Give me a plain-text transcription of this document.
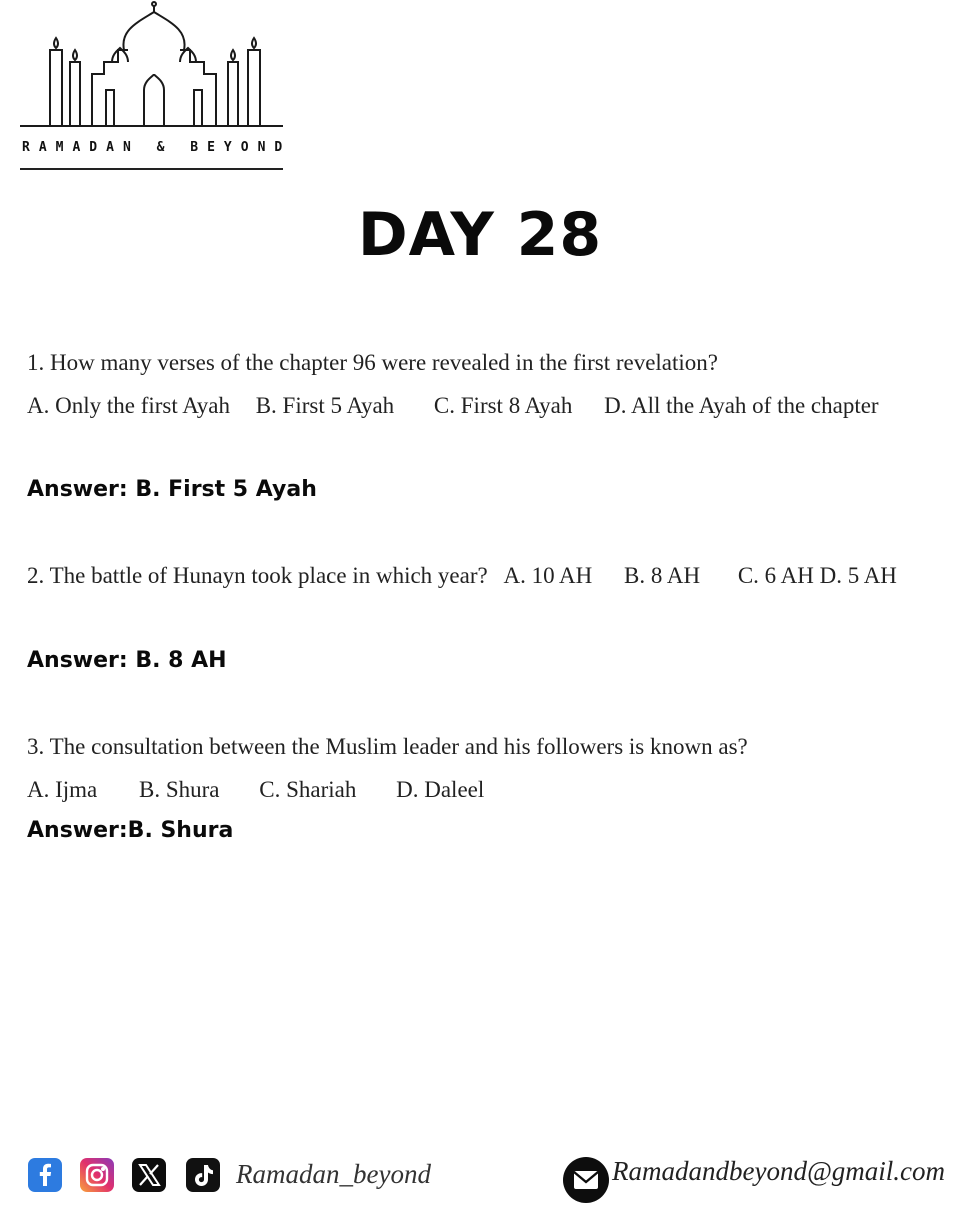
RAMADAN & BEYOND
DAY 28
1. How many verses of the chapter 96 were revealed in the first revelation?
A. Only the first Ayah B. First 5 Ayah C. First 8 Ayah D. All the Ayah of the chapter
Answer: B. First 5 Ayah
2. The battle of Hunayn took place in which year? A. 10 AH B. 8 AH C. 6 AH D. 5 AH
Answer: B. 8 AH
3. The consultation between the Muslim leader and his followers is known as?
A. Ijma B. Shura C. Shariah D. Daleel
Answer:B. Shura
Ramadan_beyond	Ramadandbeyond@gmail.com
